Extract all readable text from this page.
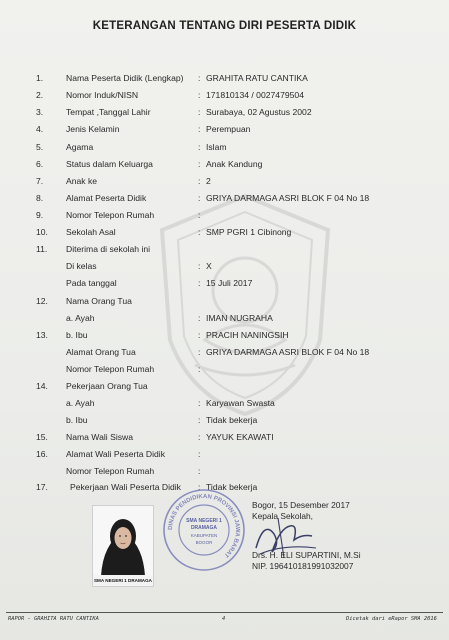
KETERANGAN TENTANG DIRI PESERTA DIDIK
1.	Nama Peserta Didik (Lengkap) : GRAHITA RATU CANTIKA
2.	Nomor Induk/NISN	: 171810134 / 0027479504
3.	Tempat ,Tanggal Lahir	: Surabaya, 02 Agustus 2002
4.	Jenis Kelamin	: Perempuan
5.	Agama	: Islam
6.	Status dalam Keluarga	: Anak Kandung
7.	Anak ke	: 2
8.	Alamat Peserta Didik	: GRIYA DARMAGA ASRI BLOK F 04 No 18
9.	Nomor Telepon Rumah	:
10. Sekolah Asal	: SMP PGRI 1 Cibinong
11. Diterima di sekolah ini
Di kelas	: X
Pada tanggal	: 15 Juli 2017
12. Nama Orang Tua
a. Ayah	: IMAN NUGRAHA
13. b. Ibu	: PRACIH NANINGSIH
Alamat Orang Tua	: GRIYA DARMAGA ASRI BLOK F 04 No 18
Nomor Telepon Rumah	:
14. Pekerjaan Orang Tua
a. Ayah	: Karyawan Swasta
b. Ibu	: Tidak bekerja
15. Nama Wali Siswa	: YAYUK EKAWATI
16. Alamat Wali Peserta Didik	:
Nomor Telepon Rumah	:
17.	Pekerjaan Wali Peserta Didik : Tidak bekerja
SMA NEGERI 1 DRAMAGA
DINAS PENDIDIKAN PROVINSI JAWA BARAT
SMA NEGERI 1
DRAMAGA
KABUPATEN
BOGOR
Bogor, 15 Desember 2017
Kepala Sekolah,
Drs. H. ELI SUPARTINI, M.Si
NIP. 196410181991032007
RAPOR - GRAHITA RATU CANTIKA	4	Dicetak dari eRapor SMA 2016
